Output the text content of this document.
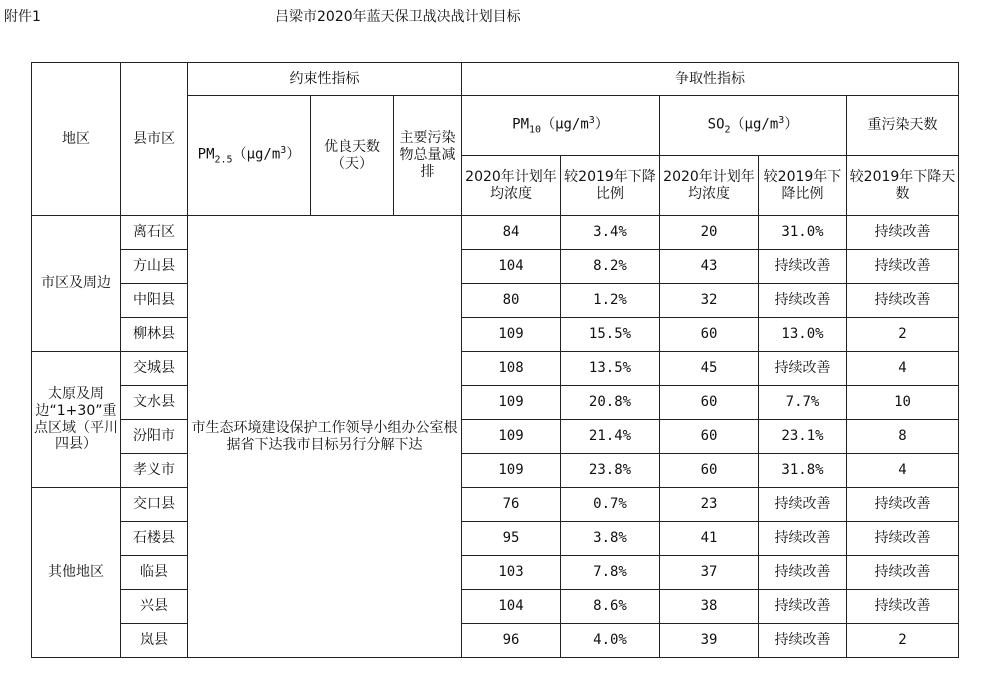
附件1	吕梁市2020年蓝天保卫战决战计划目标
地区	县市区	约束性指标			争取性指标				
		$PM_{2.5}(\mu g/m^3)$	优良天数（天）	主要污染物总量减排	$PM_{10}(\mu g/m^3)$		$SO_2(\mu g/m^3)$		重污染天数
					2020年计划年均浓度	较2019年下降比例	2020年计划年均浓度	较2019年下降比例	较2019年下降天数
市区及周边	离石区	市生态环境建设保护工作领导小组办公室根据省下达我市目标另行分解下达			84	3.4%	20	31.0%	持续改善
	方山县				104	8.2%	43	持续改善	持续改善
	中阳县				80	1.2%	32	持续改善	持续改善
	柳林县				109	15.5%	60	13.0%	2
太原及周边“1+30”重点区域（平川四县）	交城县				108	13.5%	45	持续改善	4
	文水县				109	20.8%	60	7.7%	10
	汾阳市				109	21.4%	60	23.1%	8
	孝义市				109	23.8%	60	31.8%	4
其他地区	交口县				76	0.7%	23	持续改善	持续改善
	石楼县				95	3.8%	41	持续改善	持续改善
	临县				103	7.8%	37	持续改善	持续改善
	兴县				104	8.6%	38	持续改善	持续改善
	岚县				96	4.0%	39	持续改善	2
